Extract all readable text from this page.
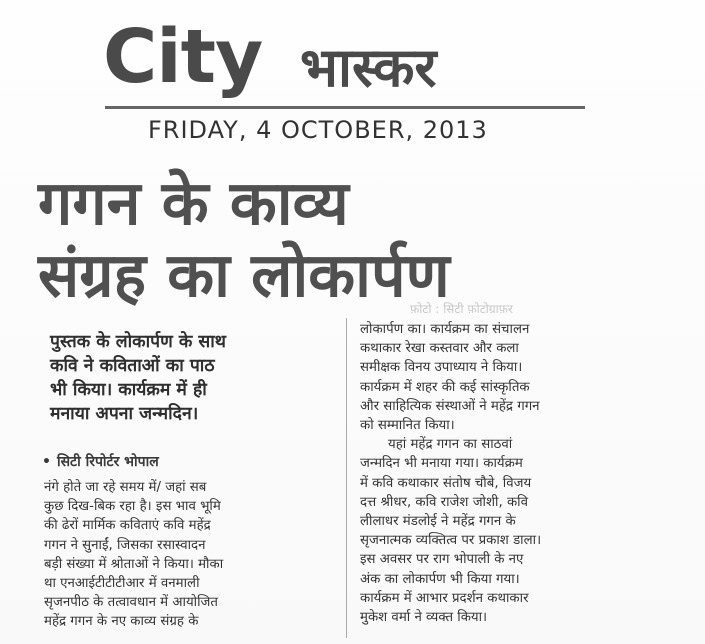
City भास्कर
FRIDAY, 4 OCTOBER, 2013
गगन के काव्य
संग्रह का लोकार्पण
फ़ोटो : सिटी फ़ोटोग्राफ़र
पुस्तक के लोकार्पण के साथ
कवि ने कविताओं का पाठ
भी किया। कार्यक्रम में ही
मनाया अपना जन्मदिन।
• सिटी रिपोर्टर भोपाल
नंगे होते जा रहे समय में/ जहां सब
कुछ दिख-बिक रहा है। इस भाव भूमि
की ढेरों मार्मिक कविताएं कवि महेंद्र
गगन ने सुनाईं, जिसका रसास्वादन
बड़ी संख्या में श्रोताओं ने किया। मौका
था एनआईटीटीटीआर में वनमाली
सृजनपीठ के तत्वावधान में आयोजित
महेंद्र गगन के नए काव्य संग्रह के
लोकार्पण का। कार्यक्रम का संचालन
कथाकार रेखा कस्तवार और कला
समीक्षक विनय उपाध्याय ने किया।
कार्यक्रम में शहर की कई सांस्कृतिक
और साहित्यिक संस्थाओं ने महेंद्र गगन
को सम्मानित किया।
यहां महेंद्र गगन का साठवां
जन्मदिन भी मनाया गया। कार्यक्रम
में कवि कथाकार संतोष चौबे, विजय
दत्त श्रीधर, कवि राजेश जोशी, कवि
लीलाधर मंडलोई ने महेंद्र गगन के
सृजनात्मक व्यक्तित्व पर प्रकाश डाला।
इस अवसर पर राग भोपाली के नए
अंक का लोकार्पण भी किया गया।
कार्यक्रम में आभार प्रदर्शन कथाकार
मुकेश वर्मा ने व्यक्त किया।
